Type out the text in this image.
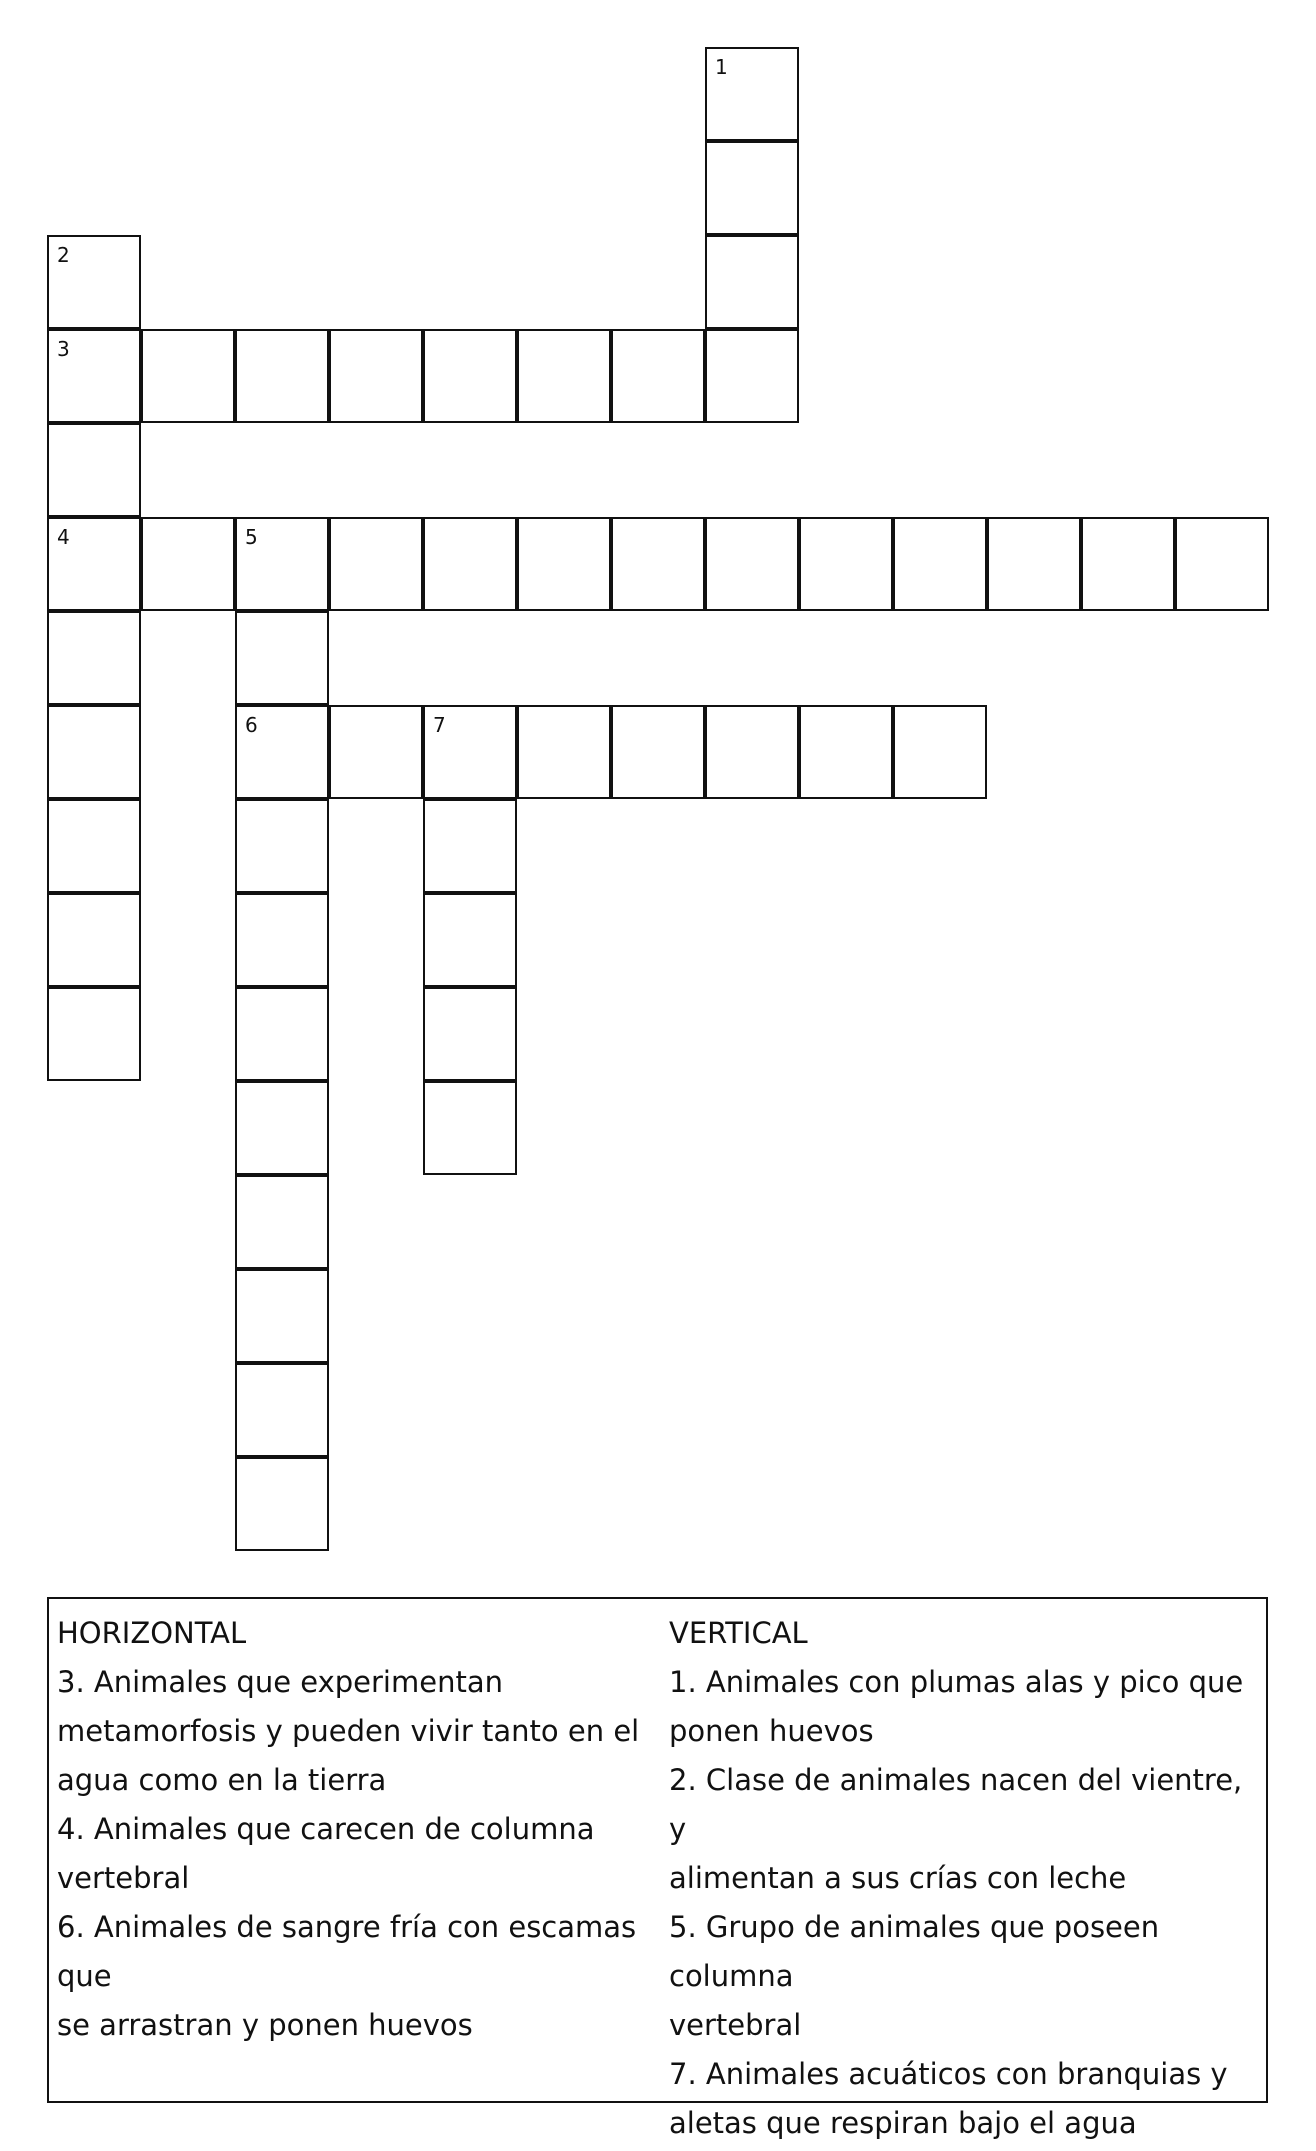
1
2
3
4	5
6	7

HORIZONTAL

3. Animales que experimentan

metamorfosis y pueden vivir tanto en el

agua como en la tierra

4. Animales que carecen de columna

vertebral

6. Animales de sangre fría con escamas que

se arrastran y ponen huevos

VERTICAL

1. Animales con plumas alas y pico que

ponen huevos

2. Clase de animales nacen del vientre, y

alimentan a sus crías con leche

5. Grupo de animales que poseen columna

vertebral

7. Animales acuáticos con branquias y

aletas que respiran bajo el agua
